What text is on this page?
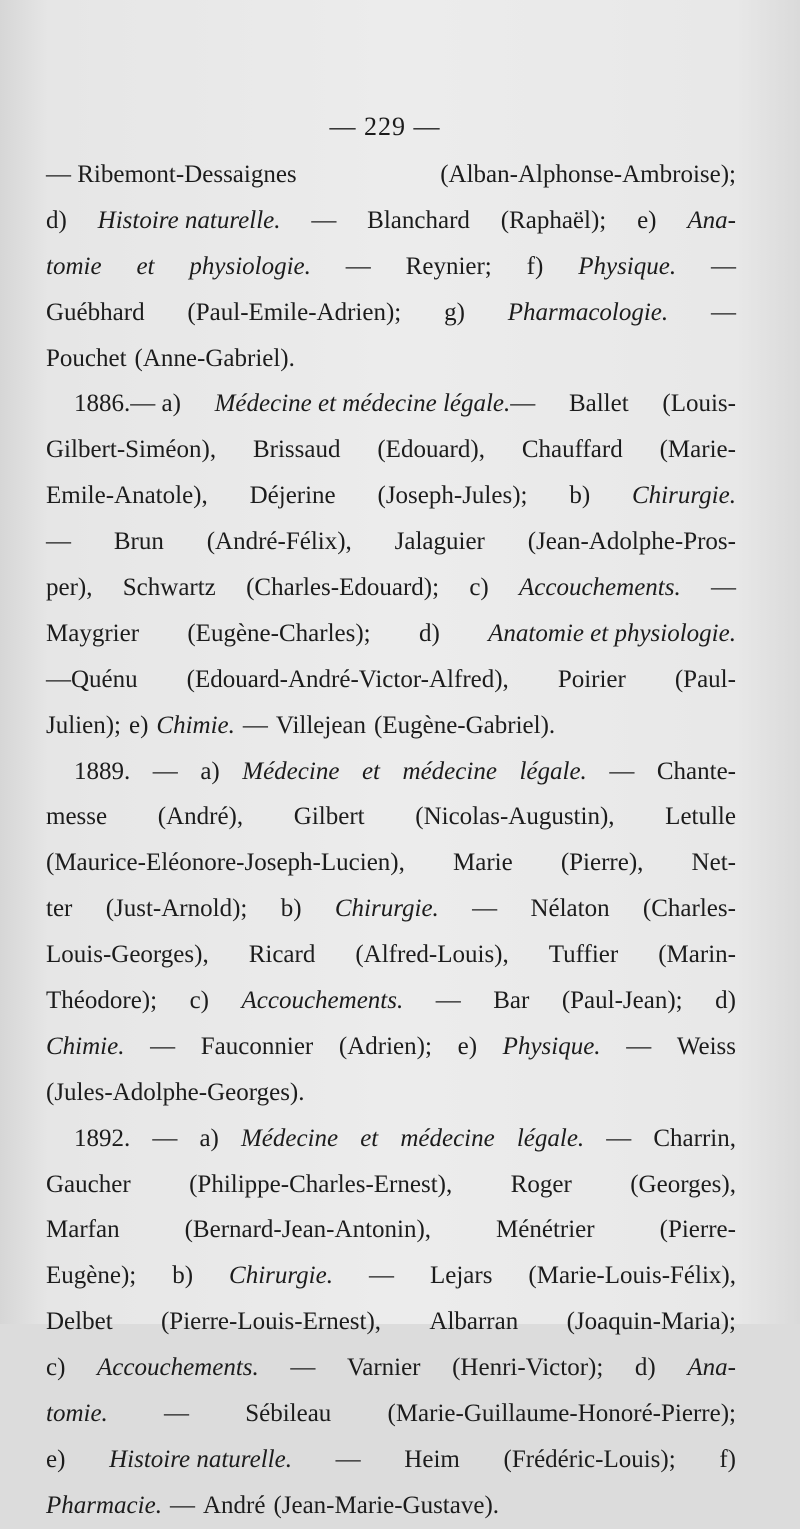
— 229 —
— Ribemont-Dessaignes	(Alban-Alphonse-Ambroise);
d) Histoire naturelle. — Blanchard (Raphaël); e) Ana-
tomie et physiologie. — Reynier; f) Physique. —
Guébhard (Paul-Emile-Adrien); g) Pharmacologie. —
Pouchet (Anne-Gabriel).
1886.— a) Médecine et médecine légale.— Ballet (Louis-
Gilbert-Siméon), Brissaud (Edouard), Chauffard (Marie-
Emile-Anatole), Déjerine (Joseph-Jules); b) Chirurgie.
— Brun (André-Félix), Jalaguier (Jean-Adolphe-Pros-
per), Schwartz (Charles-Edouard); c) Accouchements. —
Maygrier (Eugène-Charles); d) Anatomie et physiologie.
—Quénu (Edouard-André-Victor-Alfred), Poirier (Paul-
Julien); e) Chimie. — Villejean (Eugène-Gabriel).
1889. — a) Médecine et médecine légale. — Chante-
messe (André), Gilbert (Nicolas-Augustin), Letulle
(Maurice-Eléonore-Joseph-Lucien), Marie (Pierre), Net-
ter (Just-Arnold); b) Chirurgie. — Nélaton (Charles-
Louis-Georges), Ricard (Alfred-Louis), Tuffier (Marin-
Théodore); c) Accouchements. — Bar (Paul-Jean); d)
Chimie. — Fauconnier (Adrien); e) Physique. — Weiss
(Jules-Adolphe-Georges).
1892. — a) Médecine et médecine légale. — Charrin,
Gaucher (Philippe-Charles-Ernest), Roger (Georges),
Marfan	(Bernard-Jean-Antonin),	Ménétrier	(Pierre-
Eugène); b) Chirurgie. — Lejars (Marie-Louis-Félix),
Delbet (Pierre-Louis-Ernest), Albarran (Joaquin-Maria);
c) Accouchements. — Varnier (Henri-Victor); d) Ana-
tomie. — Sébileau (Marie-Guillaume-Honoré-Pierre);
e) Histoire naturelle. — Heim (Frédéric-Louis); f)
Pharmacie. — André (Jean-Marie-Gustave).
